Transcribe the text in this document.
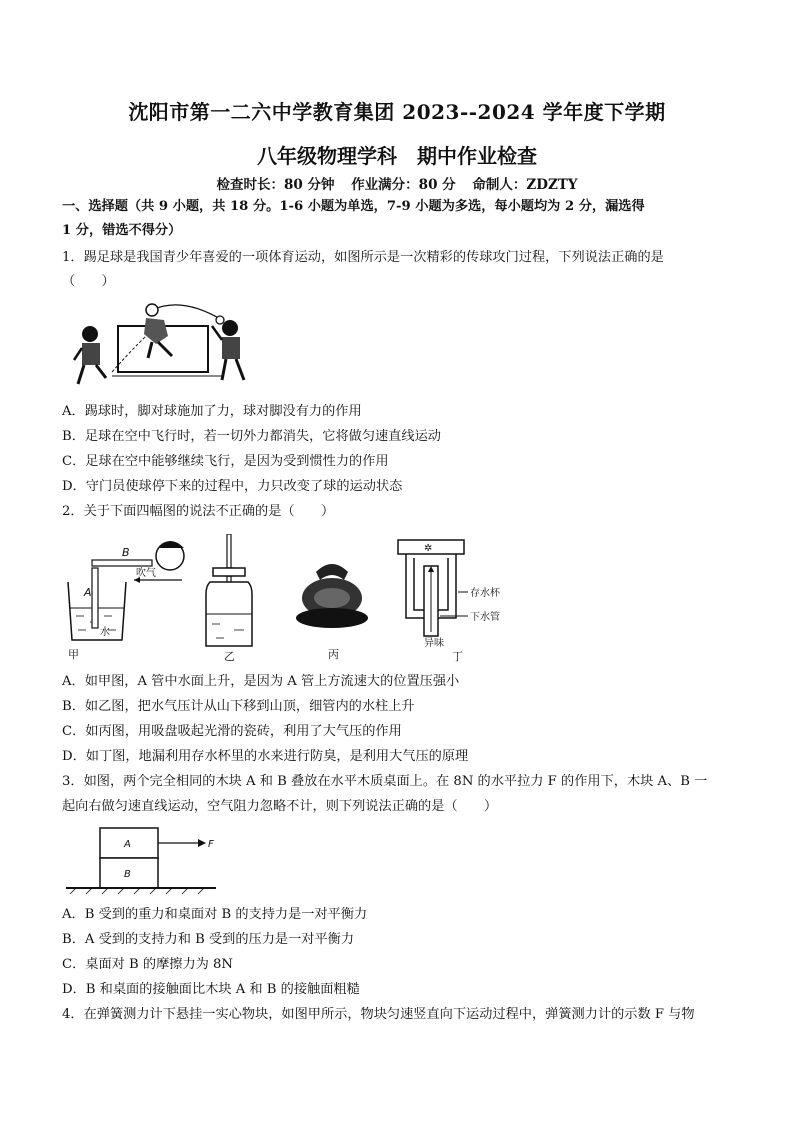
沈阳市第一二六中学教育集团 2023--2024 学年度下学期
八年级物理学科　期中作业检查
检查时长：80 分钟 作业满分：80 分 命制人：ZDZTY
一、选择题（共 9 小题，共 18 分。1-6 小题为单选，7-9 小题为多选，每小题均为 2 分，漏选得
1 分，错选不得分）
1．踢足球是我国青少年喜爱的一项体育运动，如图所示是一次精彩的传球攻门过程，下列说法正确的是
（　　）
A．踢球时，脚对球施加了力，球对脚没有力的作用
B．足球在空中飞行时，若一切外力都消失，它将做匀速直线运动
C．足球在空中能够继续飞行，是因为受到惯性力的作用
D．守门员使球停下来的过程中，力只改变了球的运动状态
2．关于下面四幅图的说法不正确的是（　　）
B
A
吹气
水
甲	乙	丙
✲
存水杯
下水管
异味
丁
A．如甲图，A 管中水面上升，是因为 A 管上方流速大的位置压强小
B．如乙图，把水气压计从山下移到山顶，细管内的水柱上升
C．如丙图，用吸盘吸起光滑的瓷砖，利用了大气压的作用
D．如丁图，地漏利用存水杯里的水来进行防臭，是利用大气压的原理
3．如图，两个完全相同的木块 A 和 B 叠放在水平木质桌面上。在 8N 的水平拉力 F 的作用下，木块 A、B 一
起向右做匀速直线运动，空气阻力忽略不计，则下列说法正确的是（　　）
A
B
F
A．B 受到的重力和桌面对 B 的支持力是一对平衡力
B．A 受到的支持力和 B 受到的压力是一对平衡力
C．桌面对 B 的摩擦力为 8N
D．B 和桌面的接触面比木块 A 和 B 的接触面粗糙
4．在弹簧测力计下悬挂一实心物块，如图甲所示，物块匀速竖直向下运动过程中，弹簧测力计的示数 F 与物
